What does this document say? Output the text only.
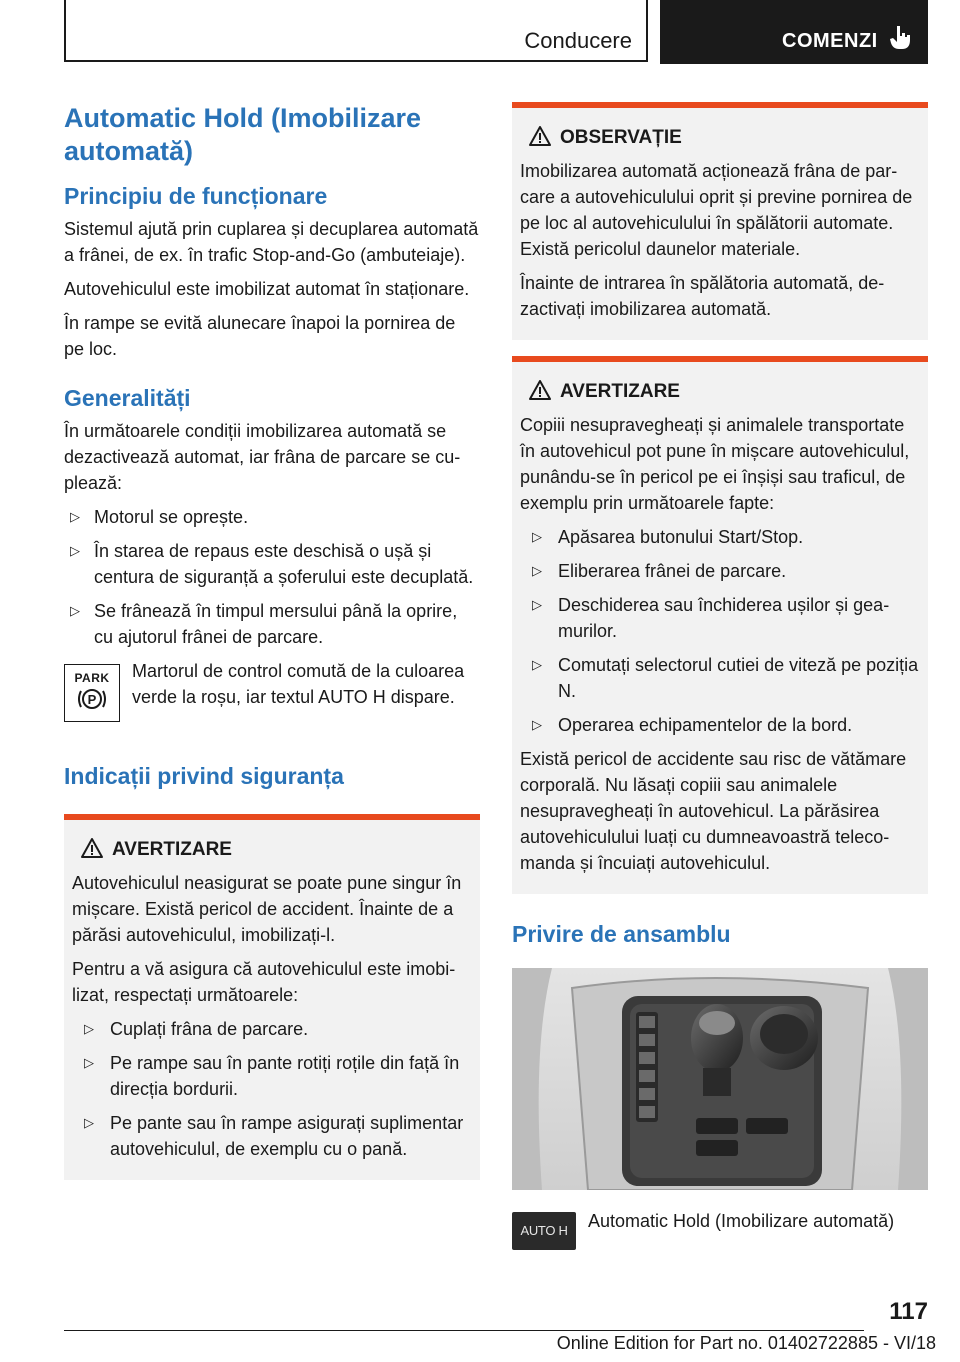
Conducere	COMENZI
Automatic Hold (Imobilizare automată)
Principiu de funcționare

Sistemul ajută prin cuplarea și decuplarea automată a frânei, de ex. în trafic Stop-and-Go (ambuteiaje).

Autovehiculul este imobilizat automat în staționare.

În rampe se evită alunecare înapoi la pornirea de pe loc.

Generalități

În următoarele condiții imobilizarea automată se dezactivează automat, iar frâna de parcare se cuplează:

▷ Motorul se oprește.
▷ În starea de repaus este deschisă o ușă și centura de siguranță a șoferului este decuplată.
▷ Se frânează în timpul mersului până la oprire, cu ajutorul frânei de parcare.
PARK
P

Martorul de control comută de la culoarea verde la roșu, iar textul AUTO H dispare.

Indicații privind siguranța
AVERTIZARE

Autovehiculul neasigurat se poate pune singur în mișcare. Există pericol de accident. Înainte de a părăsi autovehiculul, imobilizați-l.

Pentru a vă asigura că autovehiculul este imobilizat, respectați următoarele:

▷ Cuplați frâna de parcare.
▷ Pe rampe sau în pante rotiți roțile din față în direcția bordurii.
▷ Pe pante sau în rampe asigurați suplimentar autovehiculul, de exemplu cu o pană.
OBSERVAȚIE

Imobilizarea automată acționează frâna de parcare a autovehiculului oprit și previne pornirea de pe loc al autovehiculului în spălătorii automate. Există pericolul daunelor materiale.

Înainte de intrarea în spălătoria automată, dezactivați imobilizarea automată.

AVERTIZARE

Copiii nesupravegheați și animalele transportate în autovehicul pot pune în mișcare autovehiculul, punându-se în pericol pe ei înșiși sau traficul, de exemplu prin următoarele fapte:

▷ Apăsarea butonului Start/Stop.
▷ Eliberarea frânei de parcare.
▷ Deschiderea sau închiderea ușilor și geamurilor.
▷ Comutați selectorul cutiei de viteză pe poziția N.
▷ Operarea echipamentelor de la bord.

Există pericol de accidente sau risc de vătămare corporală. Nu lăsați copiii sau animalele nesupravegheați în autovehicul. La părăsirea autovehiculului luați cu dumneavoastră telecomanda și încuiați autovehiculul.

Privire de ansamblu
AUTO H	Automatic Hold (Imobilizare automată)

117
Online Edition for Part no. 01402722885 - VI/18
